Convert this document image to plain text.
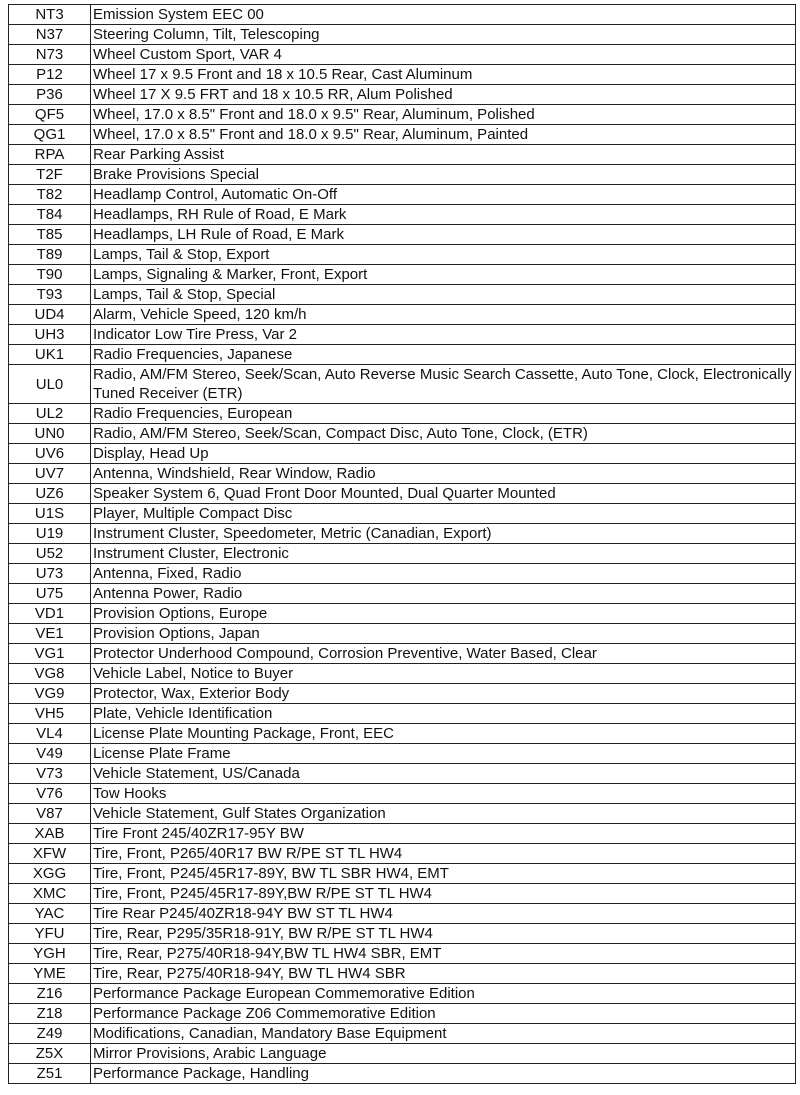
NT3	Emission System EEC 00
N37	Steering Column, Tilt, Telescoping
N73	Wheel Custom Sport, VAR 4
P12	Wheel 17 x 9.5 Front and 18 x 10.5 Rear, Cast Aluminum
P36	Wheel 17 X 9.5 FRT and 18 x 10.5 RR, Alum Polished
QF5	Wheel, 17.0 x 8.5" Front and 18.0 x 9.5" Rear, Aluminum, Polished
QG1	Wheel, 17.0 x 8.5" Front and 18.0 x 9.5" Rear, Aluminum, Painted
RPA	Rear Parking Assist
T2F	Brake Provisions Special
T82	Headlamp Control, Automatic On-Off
T84	Headlamps, RH Rule of Road, E Mark
T85	Headlamps, LH Rule of Road, E Mark
T89	Lamps, Tail & Stop, Export
T90	Lamps, Signaling & Marker, Front, Export
T93	Lamps, Tail & Stop, Special
UD4	Alarm, Vehicle Speed, 120 km/h
UH3	Indicator Low Tire Press, Var 2
UK1	Radio Frequencies, Japanese
UL0	Radio, AM/FM Stereo, Seek/Scan, Auto Reverse Music Search Cassette, Auto Tone, Clock, Electronically Tuned Receiver (ETR)
UL2	Radio Frequencies, European
UN0	Radio, AM/FM Stereo, Seek/Scan, Compact Disc, Auto Tone, Clock, (ETR)
UV6	Display, Head Up
UV7	Antenna, Windshield, Rear Window, Radio
UZ6	Speaker System 6, Quad Front Door Mounted, Dual Quarter Mounted
U1S	Player, Multiple Compact Disc
U19	Instrument Cluster, Speedometer, Metric (Canadian, Export)
U52	Instrument Cluster, Electronic
U73	Antenna, Fixed, Radio
U75	Antenna Power, Radio
VD1	Provision Options, Europe
VE1	Provision Options, Japan
VG1	Protector Underhood Compound, Corrosion Preventive, Water Based, Clear
VG8	Vehicle Label, Notice to Buyer
VG9	Protector, Wax, Exterior Body
VH5	Plate, Vehicle Identification
VL4	License Plate Mounting Package, Front, EEC
V49	License Plate Frame
V73	Vehicle Statement, US/Canada
V76	Tow Hooks
V87	Vehicle Statement, Gulf States Organization
XAB	Tire Front 245/40ZR17-95Y BW
XFW	Tire, Front, P265/40R17 BW R/PE ST TL HW4
XGG	Tire, Front, P245/45R17-89Y, BW TL SBR HW4, EMT
XMC	Tire, Front, P245/45R17-89Y,BW R/PE ST TL HW4
YAC	Tire Rear P245/40ZR18-94Y BW ST TL HW4
YFU	Tire, Rear, P295/35R18-91Y, BW R/PE ST TL HW4
YGH	Tire, Rear, P275/40R18-94Y,BW TL HW4 SBR, EMT
YME	Tire, Rear, P275/40R18-94Y, BW TL HW4 SBR
Z16	Performance Package European Commemorative Edition
Z18	Performance Package Z06 Commemorative Edition
Z49	Modifications, Canadian, Mandatory Base Equipment
Z5X	Mirror Provisions, Arabic Language
Z51	Performance Package, Handling
